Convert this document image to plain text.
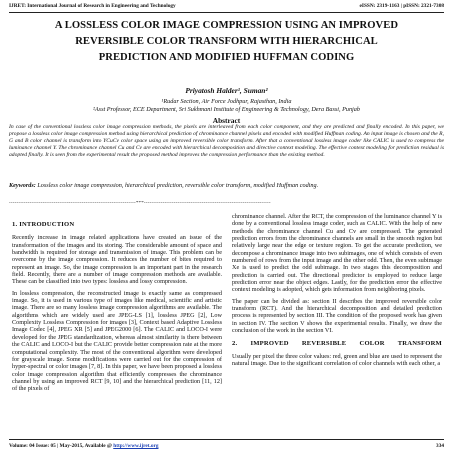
IJRET: International Journal of Research in Engineering and Technology	eISSN: 2319-1163 | pISSN: 2321-7308
A LOSSLESS COLOR IMAGE COMPRESSION USING AN IMPROVED
REVERSIBLE COLOR TRANSFORM WITH HIERARCHICAL
PREDICTION AND MODIFIED HUFFMAN CODING
Priyatosh Halder¹, Suman²
¹Rudar Section, Air Force Jodhpur, Rajasthan, India
²Asst Professor, ECE Department, Sri Sukhmani Institute of Engineering & Technology, Dera Bassi, Punjab
Abstract
In case of the conventional lossless color image compression methods, the pixels are interleaved from each color component, and they are predicted and finally encoded. In this paper, we propose a lossless color image compression method using hierarchical prediction of chrominance channel pixels and encoded with modified Huffman coding. An input image is chosen and the R, G and B color channel is transform into YCuCv color space using an improved reversible color transform. After that a conventional lossless image coder like CALIC is used to compress the luminance channel Y. The chrominance channel Cu and Cv are encoded with hierarchical decomposition and directive context modeling. The effective context modeling for prediction residual is adopted finally. It is seen from the experimental result the proposed method improves the compression performance than the existing method.
Keywords: Lossless color image compression, hierarchical prediction, reversible color transform, modified Huffman coding.
--------------------------------------------------------------------***--------------------------------------------------------------------
1. INTRODUCTION

Recently increase in image related applications have created an issue of the transformation of the images and its storing. The considerable amount of space and bandwidth is required for storage and transmission of image. This problem can be overcome by the image compression. It reduces the number of bites required to represent an image. So, the image compression is an important part in the research field. Recently, there are a number of image compression methods are available. These can be classified into two types: lossless and lossy compression.

In lossless compression, the reconstructed image is exactly same as compressed image. So, it is used in various type of images like medical, scientific and artistic image. There are so many lossless image compression algorithms are available. The algorithms which are widely used are JPEG-LS [1], lossless JPEG [2], Low Complexity Lossless Compression for images [3], Context based Adaptive Lossless Image Codec [4], JPEG XR [5] and JPEG2000 [6]. The CALIC and LOCO-I were developed for the JPEG standardization, whereas almost similarity is there between the CALIC and LOCO-I but the CALIC provide better compression rate at the more computational complexity. The most of the conventional algorithm were developed for grayscale image. Some modifications were carried out for the compression of hyper-spectral or color images [7, 8]. In this paper, we have been proposed a lossless color image compression algorithm that efficiently compresses the chrominance channel by using an improved RCT [9, 10] and the hierarchical prediction [11, 12] of the pixels of

chrominance channel. After the RCT, the compression of the luminance channel Y is done by a conventional lossless image coder, such as CALIC. With the help of new methods the chrominance channel Cu and Cv are compressed. The generated prediction errors from the chrominance channels are small in the smooth region but relatively large near the edge or texture region. To get the accurate prediction, we decompose a chrominance image into two subimages, one of which consists of even numbered of rows from the input image and the other odd. Then, the even subimage Xe is used to predict the odd subimage. In two stages this decomposition and prediction is carried out. The directional predictor is employed to reduce large prediction error near the object edges. Lastly, for the prediction error the effective context modeling is adopted, which gets information from neighboring pixels.

The paper can be divided as: section II describes the improved reversible color transform (RCT). And the hierarchical decomposition and detailed prediction process is represented by section III. The condition of the proposed work has given in section IV. The section V shows the experimental results. Finally, we draw the conclusion of the work in the section VI.

2. IMPROVED REVERSIBLE COLOR TRANSFORM

Usually per pixel the three color values: red, green and blue are used to represent the natural image. Due to the significant correlation of color channels with each other, a

Volume: 04 Issue: 05 | May-2015, Available @ http://www.ijret.org	334
